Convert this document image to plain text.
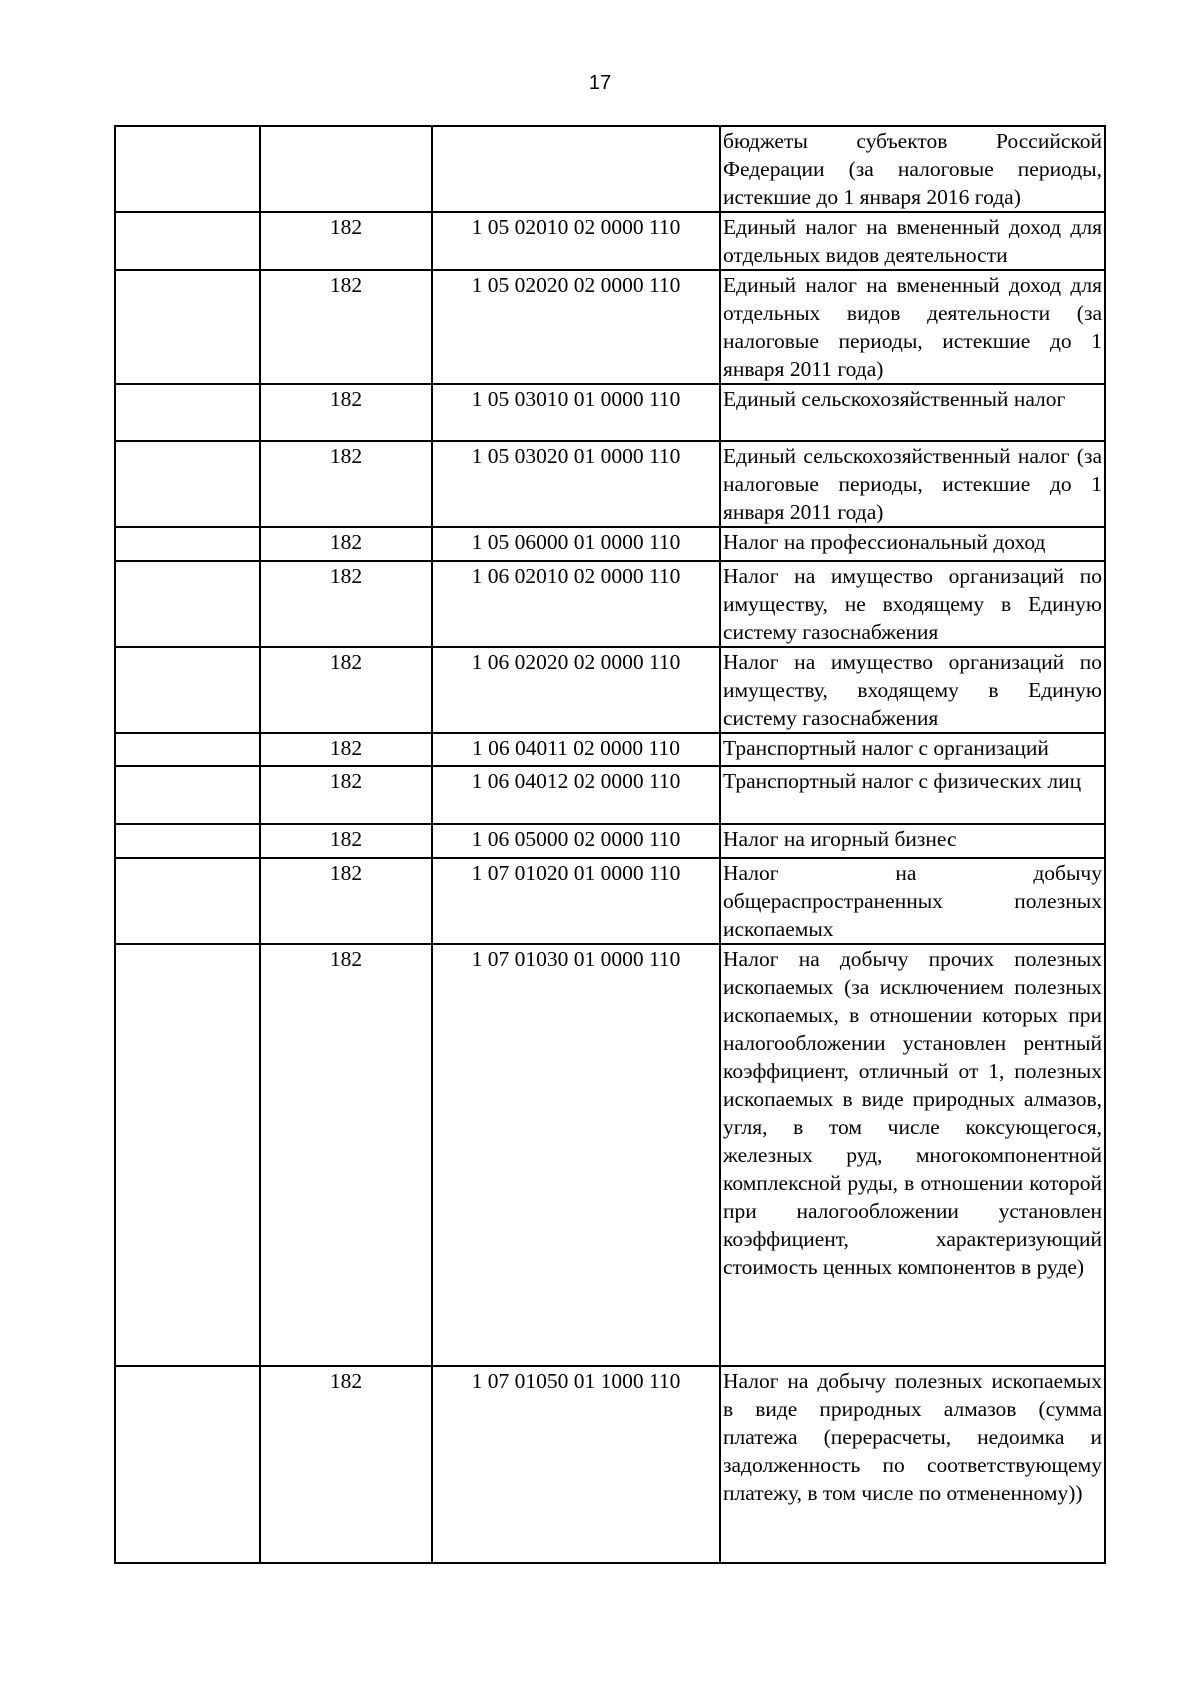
17
			бюджеты субъектов Российской Федерации (за налоговые периоды, истекшие до 1 января 2016 года)
	182	1 05 02010 02 0000 110	Единый налог на вмененный доход для отдельных видов деятельности
	182	1 05 02020 02 0000 110	Единый налог на вмененный доход для отдельных видов деятельности (за налоговые периоды, истекшие до 1 января 2011 года)
	182	1 05 03010 01 0000 110	Единый сельскохозяйственный налог
	182	1 05 03020 01 0000 110	Единый сельскохозяйственный налог (за налоговые периоды, истекшие до 1 января 2011 года)
	182	1 05 06000 01 0000 110	Налог на профессиональный доход
	182	1 06 02010 02 0000 110	Налог на имущество организаций по имуществу, не входящему в Единую систему газоснабжения
	182	1 06 02020 02 0000 110	Налог на имущество организаций по имуществу, входящему в Единую систему газоснабжения
	182	1 06 04011 02 0000 110	Транспортный налог с организаций
	182	1 06 04012 02 0000 110	Транспортный налог с физических лиц
	182	1 06 05000 02 0000 110	Налог на игорный бизнес
	182	1 07 01020 01 0000 110	Налог на добычу общераспространенных полезных ископаемых
	182	1 07 01030 01 0000 110	Налог на добычу прочих полезных ископаемых (за исключением полезных ископаемых, в отношении которых при налогообложении установлен рентный коэффициент, отличный от 1, полезных ископаемых в виде природных алмазов, угля, в том числе коксующегося, железных руд, многокомпонентной комплексной руды, в отношении которой при налогообложении установлен коэффициент, характеризующий стоимость ценных компонентов в руде)
	182	1 07 01050 01 1000 110	Налог на добычу полезных ископаемых в виде природных алмазов (сумма платежа (перерасчеты, недоимка и задолженность по соответствующему платежу, в том числе по отмененному))
